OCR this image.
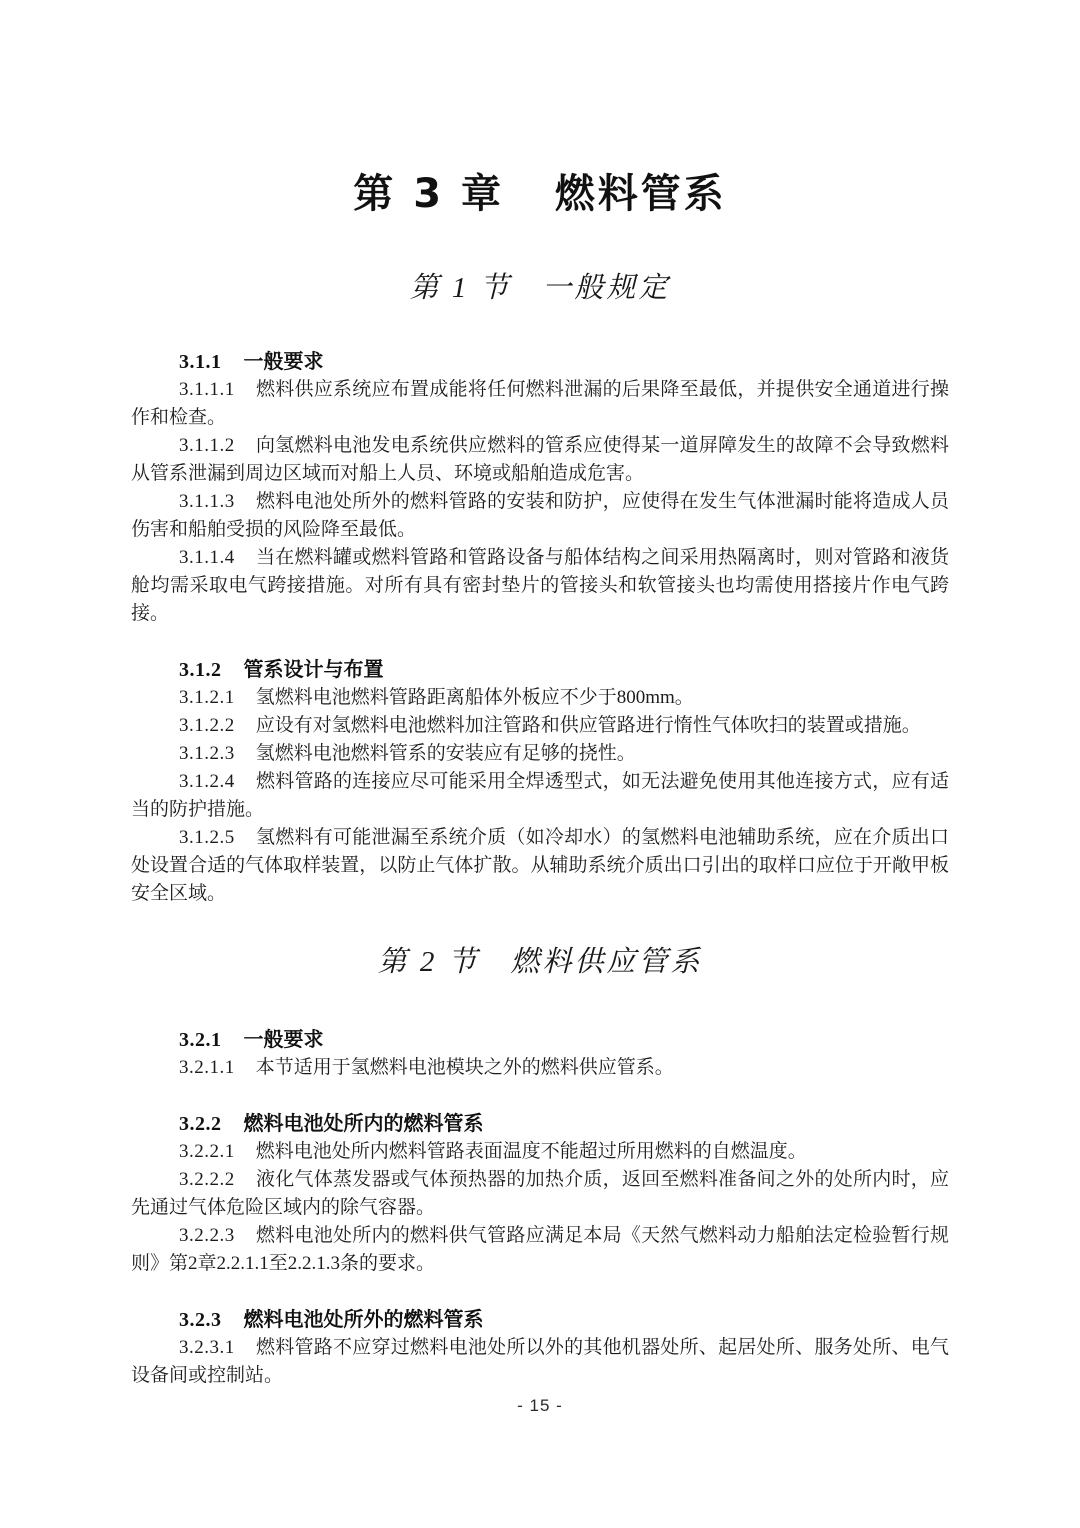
第 3 章   燃料管系
第 1 节   一般规定
3.1.1 一般要求

3.1.1.1 燃料供应系统应布置成能将任何燃料泄漏的后果降至最低，并提供安全通道进行操作和检查。

3.1.1.2 向氢燃料电池发电系统供应燃料的管系应使得某一道屏障发生的故障不会导致燃料从管系泄漏到周边区域而对船上人员、环境或船舶造成危害。

3.1.1.3 燃料电池处所外的燃料管路的安装和防护，应使得在发生气体泄漏时能将造成人员伤害和船舶受损的风险降至最低。

3.1.1.4 当在燃料罐或燃料管路和管路设备与船体结构之间采用热隔离时，则对管路和液货舱均需采取电气跨接措施。对所有具有密封垫片的管接头和软管接头也均需使用搭接片作电气跨接。

3.1.2 管系设计与布置

3.1.2.1 氢燃料电池燃料管路距离船体外板应不少于800mm。

3.1.2.2 应设有对氢燃料电池燃料加注管路和供应管路进行惰性气体吹扫的装置或措施。

3.1.2.3 氢燃料电池燃料管系的安装应有足够的挠性。

3.1.2.4 燃料管路的连接应尽可能采用全焊透型式，如无法避免使用其他连接方式，应有适当的防护措施。

3.1.2.5 氢燃料有可能泄漏至系统介质（如冷却水）的氢燃料电池辅助系统，应在介质出口处设置合适的气体取样装置，以防止气体扩散。从辅助系统介质出口引出的取样口应位于开敞甲板安全区域。

第 2 节   燃料供应管系
3.2.1 一般要求

3.2.1.1 本节适用于氢燃料电池模块之外的燃料供应管系。

3.2.2 燃料电池处所内的燃料管系

3.2.2.1 燃料电池处所内燃料管路表面温度不能超过所用燃料的自燃温度。

3.2.2.2 液化气体蒸发器或气体预热器的加热介质，返回至燃料准备间之外的处所内时，应先通过气体危险区域内的除气容器。

3.2.2.3 燃料电池处所内的燃料供气管路应满足本局《天然气燃料动力船舶法定检验暂行规则》第2章2.2.1.1至2.2.1.3条的要求。

3.2.3 燃料电池处所外的燃料管系

3.2.3.1 燃料管路不应穿过燃料电池处所以外的其他机器处所、起居处所、服务处所、电气设备间或控制站。

- 15 -
